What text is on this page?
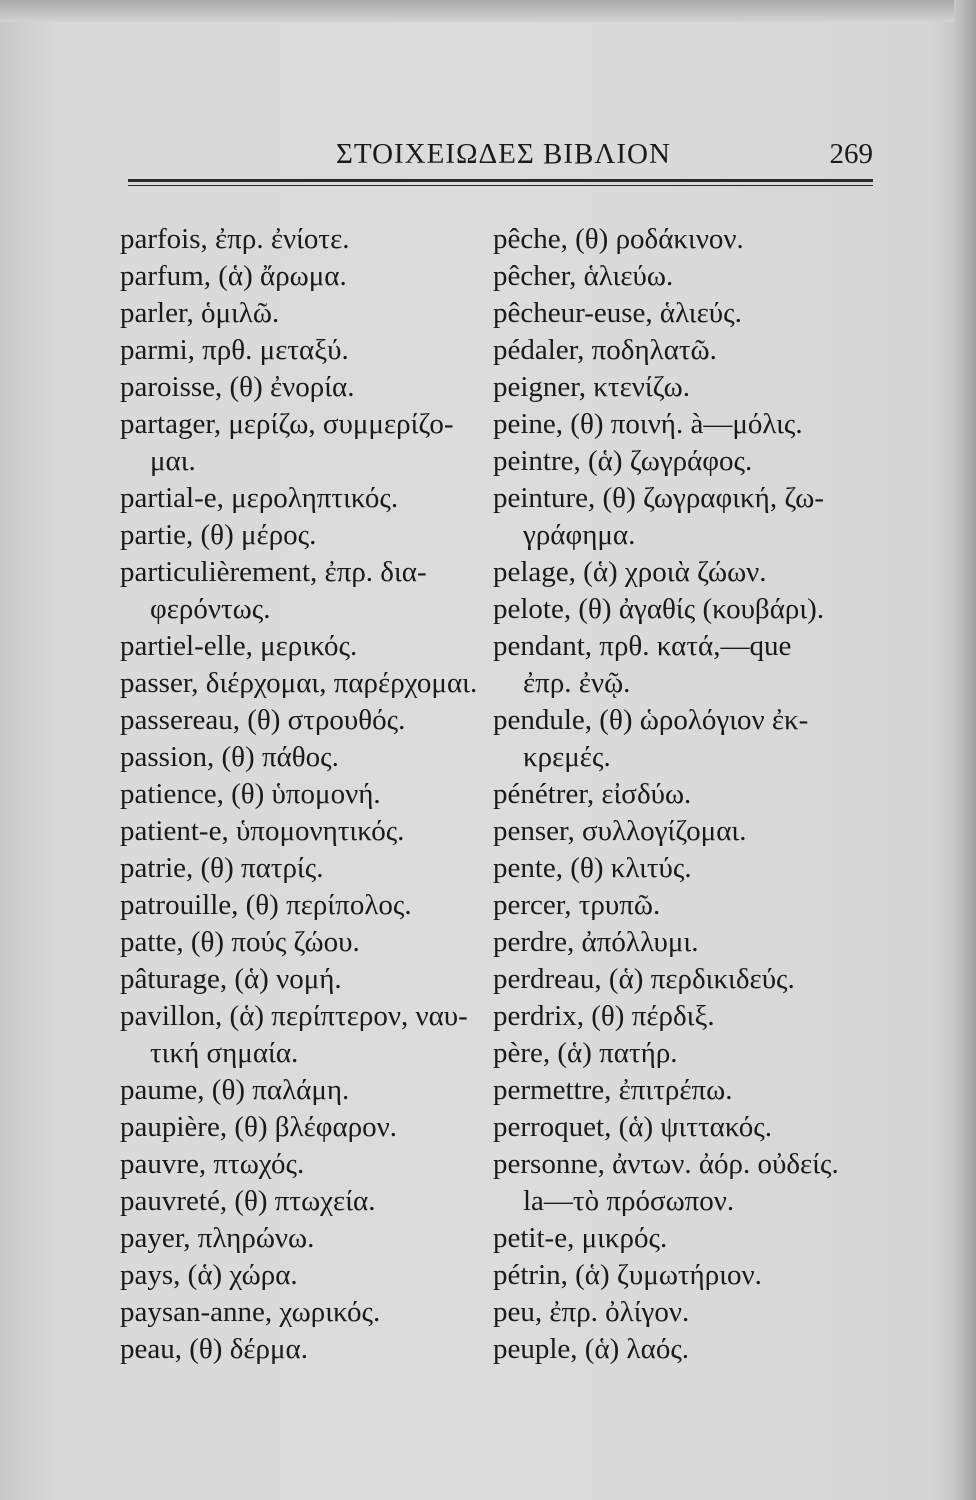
ΣΤΟΙΧΕΙΩΔΕΣ ΒΙΒΛΙΟΝ	269
parfois, ἐπρ. ἐνίοτε.
parfum, (ἁ) ἄρωμα.
parler, ὁμιλῶ.
parmi, πρθ. μεταξύ.
paroisse, (θ) ἐνορία.
partager, μερίζω, συμμερίζο-
μαι.
partial-e, μεροληπτικός.
partie, (θ) μέρος.
particulièrement, ἐπρ. δια-
φερόντως.
partiel-elle, μερικός.
passer, διέρχομαι, παρέρχομαι.
passereau, (θ) στρουθός.
passion, (θ) πάθος.
patience, (θ) ὑπομονή.
patient-e, ὑπομονητικός.
patrie, (θ) πατρίς.
patrouille, (θ) περίπολος.
patte, (θ) πούς ζώου.
pâturage, (ἁ) νομή.
pavillon, (ἁ) περίπτερον, ναυ-
τική σημαία.
paume, (θ) παλάμη.
paupière, (θ) βλέφαρον.
pauvre, πτωχός.
pauvreté, (θ) πτωχεία.
payer, πληρώνω.
pays, (ἁ) χώρα.
paysan-anne, χωρικός.
peau, (θ) δέρμα.
pêche, (θ) ροδάκινον.
pêcher, ἁλιεύω.
pêcheur-euse, ἁλιεύς.
pédaler, ποδηλατῶ.
peigner, κτενίζω.
peine, (θ) ποινή. à—μόλις.
peintre, (ἁ) ζωγράφος.
peinture, (θ) ζωγραφική, ζω-
γράφημα.
pelage, (ἁ) χροιὰ ζώων.
pelote, (θ) ἀγαθίς (κουβάρι).
pendant, πρθ. κατά,—que
ἐπρ. ἐνῷ.
pendule, (θ) ὡρολόγιον ἐκ-
κρεμές.
pénétrer, εἰσδύω.
penser, συλλογίζομαι.
pente, (θ) κλιτύς.
percer, τρυπῶ.
perdre, ἀπόλλυμι.
perdreau, (ἁ) περδικιδεύς.
perdrix, (θ) πέρδιξ.
père, (ἁ) πατήρ.
permettre, ἐπιτρέπω.
perroquet, (ἁ) ψιττακός.
personne, ἀντων. ἀόρ. οὐδείς.
la—τὸ πρόσωπον.
petit-e, μικρός.
pétrin, (ἁ) ζυμωτήριον.
peu, ἐπρ. ὀλίγον.
peuple, (ἁ) λαός.
